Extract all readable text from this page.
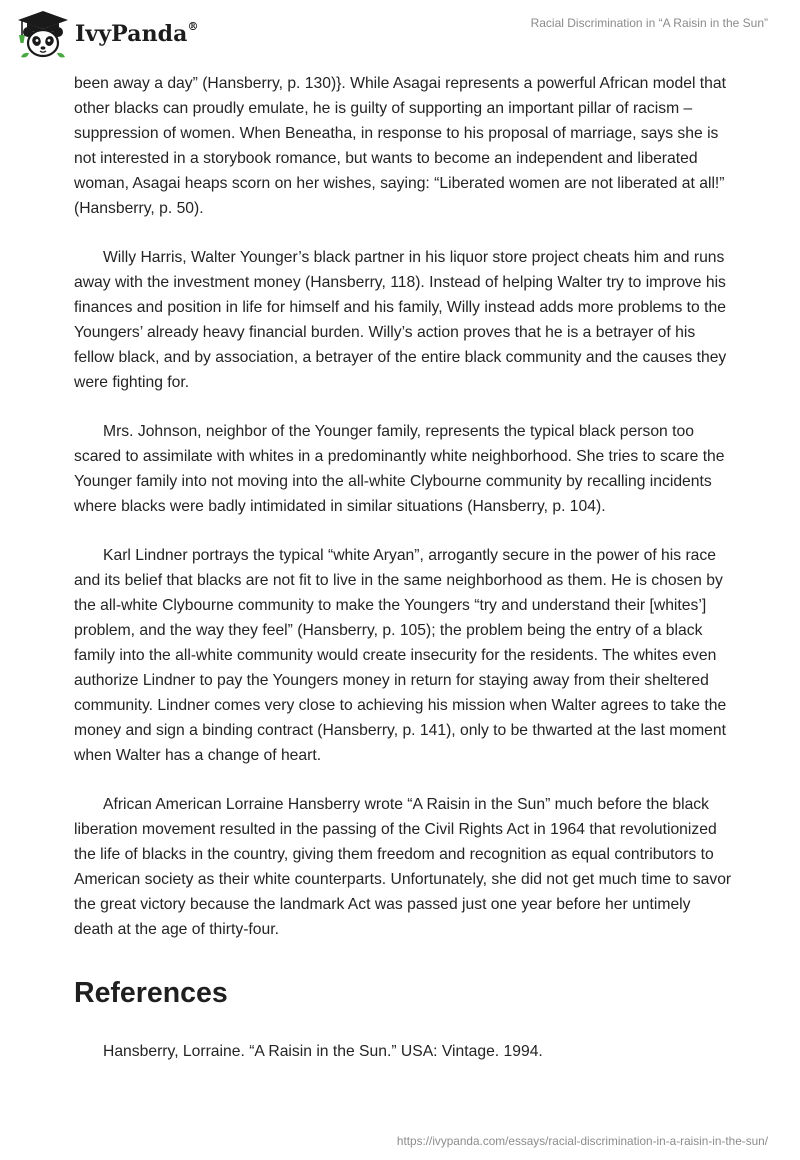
IvyPanda®	Racial Discrimination in “A Raisin in the Sun”

been away a day” (Hansberry, p. 130)}. While Asagai represents a powerful African model that other blacks can proudly emulate, he is guilty of supporting an important pillar of racism – suppression of women. When Beneatha, in response to his proposal of marriage, says she is not interested in a storybook romance, but wants to become an independent and liberated woman, Asagai heaps scorn on her wishes, saying: “Liberated women are not liberated at all!” (Hansberry, p. 50).

Willy Harris, Walter Younger’s black partner in his liquor store project cheats him and runs away with the investment money (Hansberry, 118). Instead of helping Walter try to improve his finances and position in life for himself and his family, Willy instead adds more problems to the Youngers’ already heavy financial burden. Willy’s action proves that he is a betrayer of his fellow black, and by association, a betrayer of the entire black community and the causes they were fighting for.

Mrs. Johnson, neighbor of the Younger family, represents the typical black person too scared to assimilate with whites in a predominantly white neighborhood. She tries to scare the Younger family into not moving into the all-white Clybourne community by recalling incidents where blacks were badly intimidated in similar situations (Hansberry, p. 104).

Karl Lindner portrays the typical “white Aryan”, arrogantly secure in the power of his race and its belief that blacks are not fit to live in the same neighborhood as them. He is chosen by the all-white Clybourne community to make the Youngers “try and understand their [whites’] problem, and the way they feel” (Hansberry, p. 105); the problem being the entry of a black family into the all-white community would create insecurity for the residents. The whites even authorize Lindner to pay the Youngers money in return for staying away from their sheltered community. Lindner comes very close to achieving his mission when Walter agrees to take the money and sign a binding contract (Hansberry, p. 141), only to be thwarted at the last moment when Walter has a change of heart.

African American Lorraine Hansberry wrote “A Raisin in the Sun” much before the black liberation movement resulted in the passing of the Civil Rights Act in 1964 that revolutionized the life of blacks in the country, giving them freedom and recognition as equal contributors to American society as their white counterparts. Unfortunately, she did not get much time to savor the great victory because the landmark Act was passed just one year before her untimely death at the age of thirty-four.

References

Hansberry, Lorraine. “A Raisin in the Sun.” USA: Vintage. 1994.

https://ivypanda.com/essays/racial-discrimination-in-a-raisin-in-the-sun/
